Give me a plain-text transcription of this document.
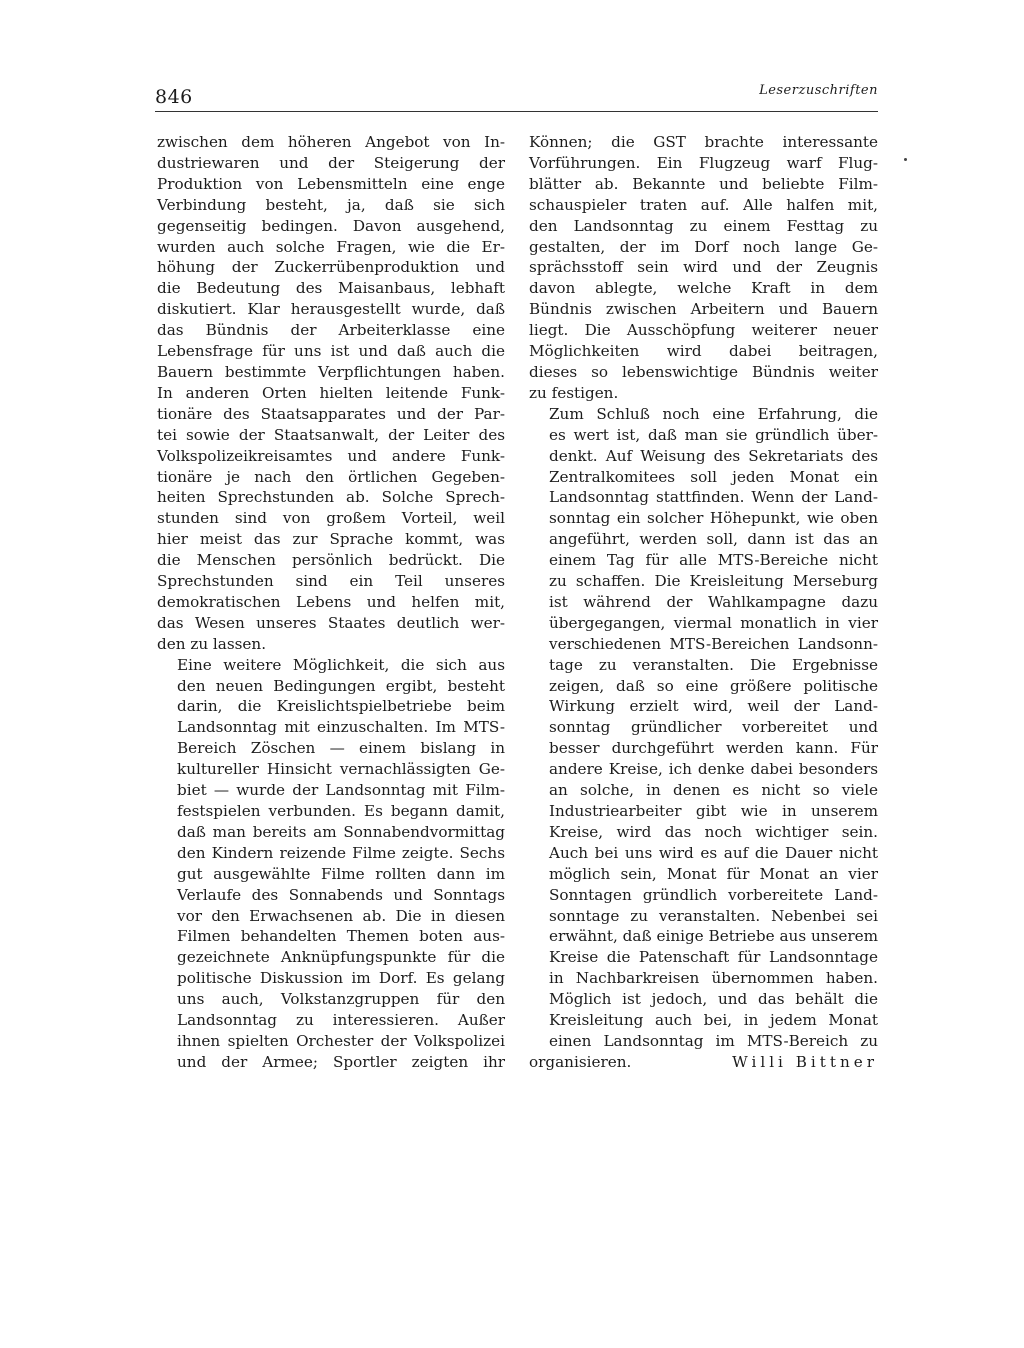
846	Leserzuschriften

zwischen dem höheren Angebot von In-
dustriewaren und der Steigerung der
Produktion von Lebensmitteln eine enge
Verbindung besteht, ja, daß sie sich
gegenseitig bedingen. Davon ausgehend,
wurden auch solche Fragen, wie die Er-
höhung der Zuckerrübenproduktion und
die Bedeutung des Maisanbaus, lebhaft
diskutiert. Klar herausgestellt wurde, daß
das Bündnis der Arbeiterklasse eine
Lebensfrage für uns ist und daß auch die
Bauern bestimmte Verpflichtungen haben.
In anderen Orten hielten leitende Funk-
tionäre des Staatsapparates und der Par-
tei sowie der Staatsanwalt, der Leiter des
Volkspolizeikreisamtes und andere Funk-
tionäre je nach den örtlichen Gegeben-
heiten Sprechstunden ab. Solche Sprech-
stunden sind von großem Vorteil, weil
hier meist das zur Sprache kommt, was
die Menschen persönlich bedrückt. Die
Sprechstunden sind ein Teil unseres
demokratischen Lebens und helfen mit,
das Wesen unseres Staates deutlich wer-
den zu lassen.

Eine weitere Möglichkeit, die sich aus
den neuen Bedingungen ergibt, besteht
darin, die Kreislichtspielbetriebe beim
Landsonntag mit einzuschalten. Im MTS-
Bereich Zöschen — einem bislang in
kultureller Hinsicht vernachlässigten Ge-
biet — wurde der Landsonntag mit Film-
festspielen verbunden. Es begann damit,
daß man bereits am Sonnabendvormittag
den Kindern reizende Filme zeigte. Sechs
gut ausgewählte Filme rollten dann im
Verlaufe des Sonnabends und Sonntags
vor den Erwachsenen ab. Die in diesen
Filmen behandelten Themen boten aus-
gezeichnete Anknüpfungspunkte für die
politische Diskussion im Dorf. Es gelang
uns auch, Volkstanzgruppen für den
Landsonntag zu interessieren. Außer
ihnen spielten Orchester der Volkspolizei
und der Armee; Sportler zeigten ihr

Können; die GST brachte interessante
Vorführungen. Ein Flugzeug warf Flug-
blätter ab. Bekannte und beliebte Film-
schauspieler traten auf. Alle halfen mit,
den Landsonntag zu einem Festtag zu
gestalten, der im Dorf noch lange Ge-
sprächsstoff sein wird und der Zeugnis
davon ablegte, welche Kraft in dem
Bündnis zwischen Arbeitern und Bauern
liegt. Die Ausschöpfung weiterer neuer
Möglichkeiten wird dabei beitragen,
dieses so lebenswichtige Bündnis weiter
zu festigen.

Zum Schluß noch eine Erfahrung, die
es wert ist, daß man sie gründlich über-
denkt. Auf Weisung des Sekretariats des
Zentralkomitees soll jeden Monat ein
Landsonntag stattfinden. Wenn der Land-
sonntag ein solcher Höhepunkt, wie oben
angeführt, werden soll, dann ist das an
einem Tag für alle MTS-Bereiche nicht
zu schaffen. Die Kreisleitung Merseburg
ist während der Wahlkampagne dazu
übergegangen, viermal monatlich in vier
verschiedenen MTS-Bereichen Landsonn-
tage zu veranstalten. Die Ergebnisse
zeigen, daß so eine größere politische
Wirkung erzielt wird, weil der Land-
sonntag gründlicher vorbereitet und
besser durchgeführt werden kann. Für
andere Kreise, ich denke dabei besonders
an solche, in denen es nicht so viele
Industriearbeiter gibt wie in unserem
Kreise, wird das noch wichtiger sein.
Auch bei uns wird es auf die Dauer nicht
möglich sein, Monat für Monat an vier
Sonntagen gründlich vorbereitete Land-
sonntage zu veranstalten. Nebenbei sei
erwähnt, daß einige Betriebe aus unserem
Kreise die Patenschaft für Landsonntage
in Nachbarkreisen übernommen haben.
Möglich ist jedoch, und das behält die
Kreisleitung auch bei, in jedem Monat
einen Landsonntag im MTS-Bereich zu

organisieren.	Willi Bittner
